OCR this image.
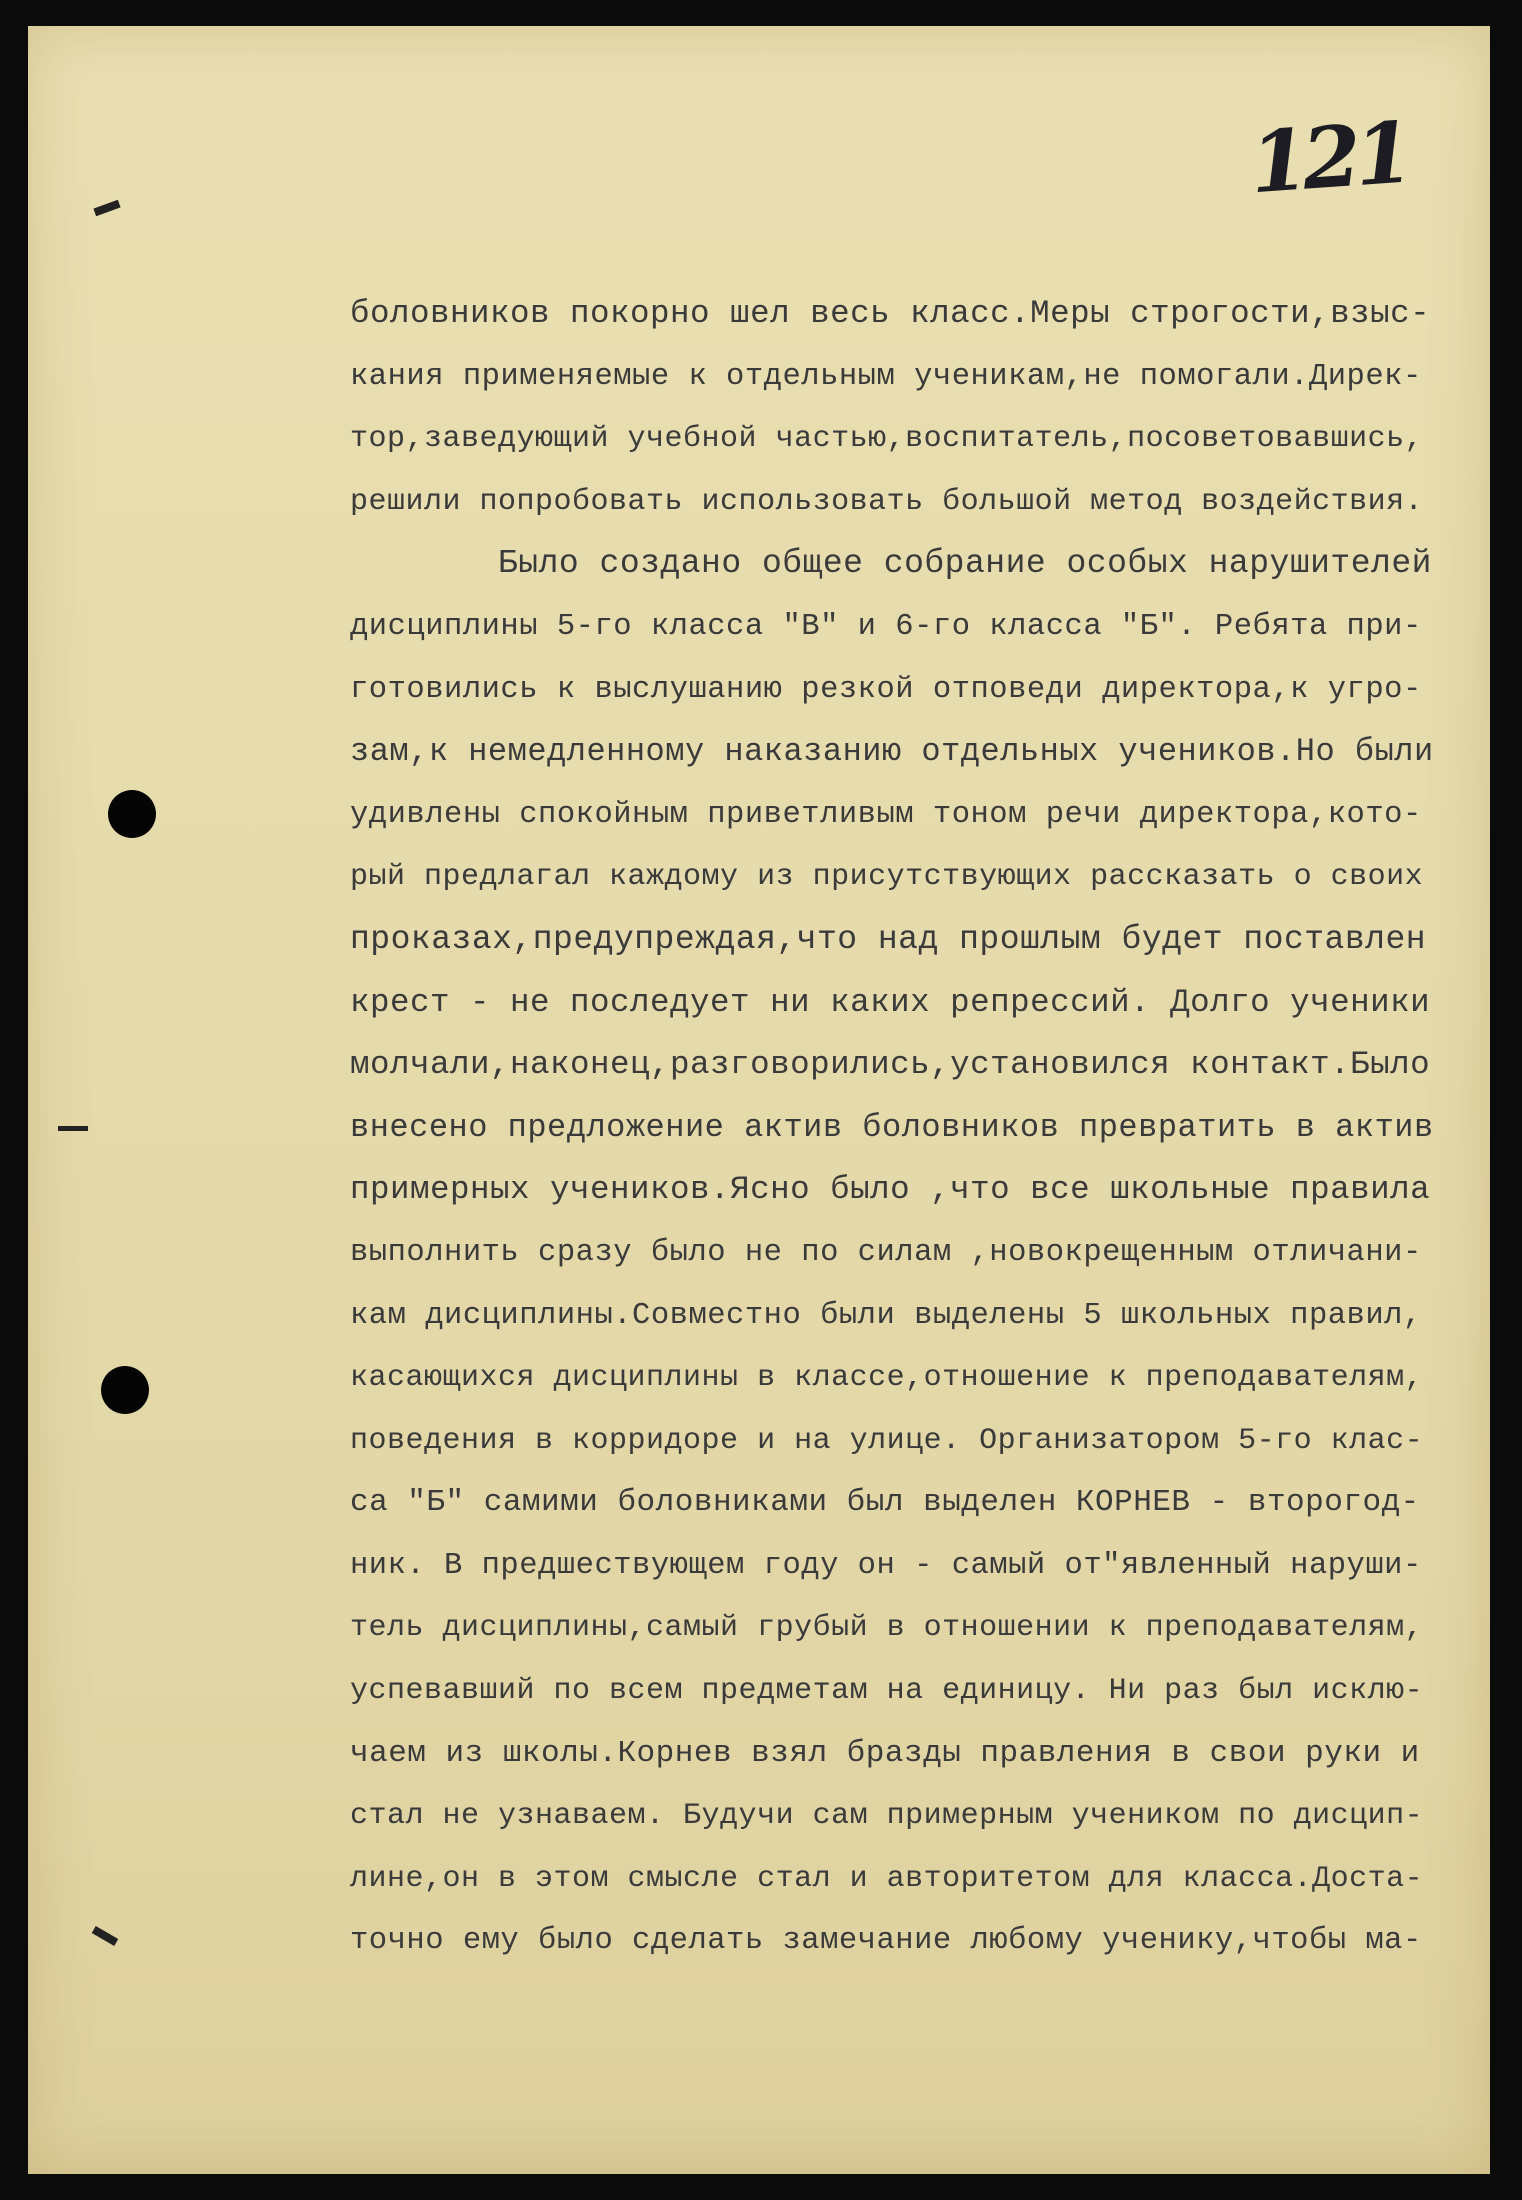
121
боловников покорно шел весь класс.Меры строгости,взыс-
кания применяемые к отдельным ученикам,не помогали.Дирек-
тор,заведующий учебной частью,воспитатель,посоветовавшись,
решили попробовать использовать большой метод воздействия.
Было создано общее собрание особых нарушителей
дисциплины 5-го класса "В" и 6-го класса "Б". Ребята при-
готовились к выслушанию резкой отповеди директора,к угро-
зам,к немедленному наказанию отдельных учеников.Но были
удивлены спокойным приветливым тоном речи директора,кото-
рый предлагал каждому из присутствующих рассказать о своих
проказах,предупреждая,что над прошлым будет поставлен
крест - не последует ни каких репрессий. Долго ученики
молчали,наконец,разговорились,установился контакт.Было
внесено предложение актив боловников превратить в актив
примерных учеников.Ясно было ,что все школьные правила
выполнить сразу было не по силам ,новокрещенным отличани-
кам дисциплины.Совместно были выделены 5 школьных правил,
касающихся дисциплины в классе,отношение к преподавателям,
поведения в корридоре и на улице. Организатором 5-го клас-
са "Б" самими боловниками был выделен КОРНЕВ - второгод-
ник. В предшествующем году он - самый от"явленный наруши-
тель дисциплины,самый грубый в отношении к преподавателям,
успевавший по всем предметам на единицу. Ни раз был исклю-
чаем из школы.Корнев взял бразды правления в свои руки и
стал не узнаваем. Будучи сам примерным учеником по дисцип-
лине,он в этом смысле стал и авторитетом для класса.Доста-
точно ему было сделать замечание любому ученику,чтобы ма-
